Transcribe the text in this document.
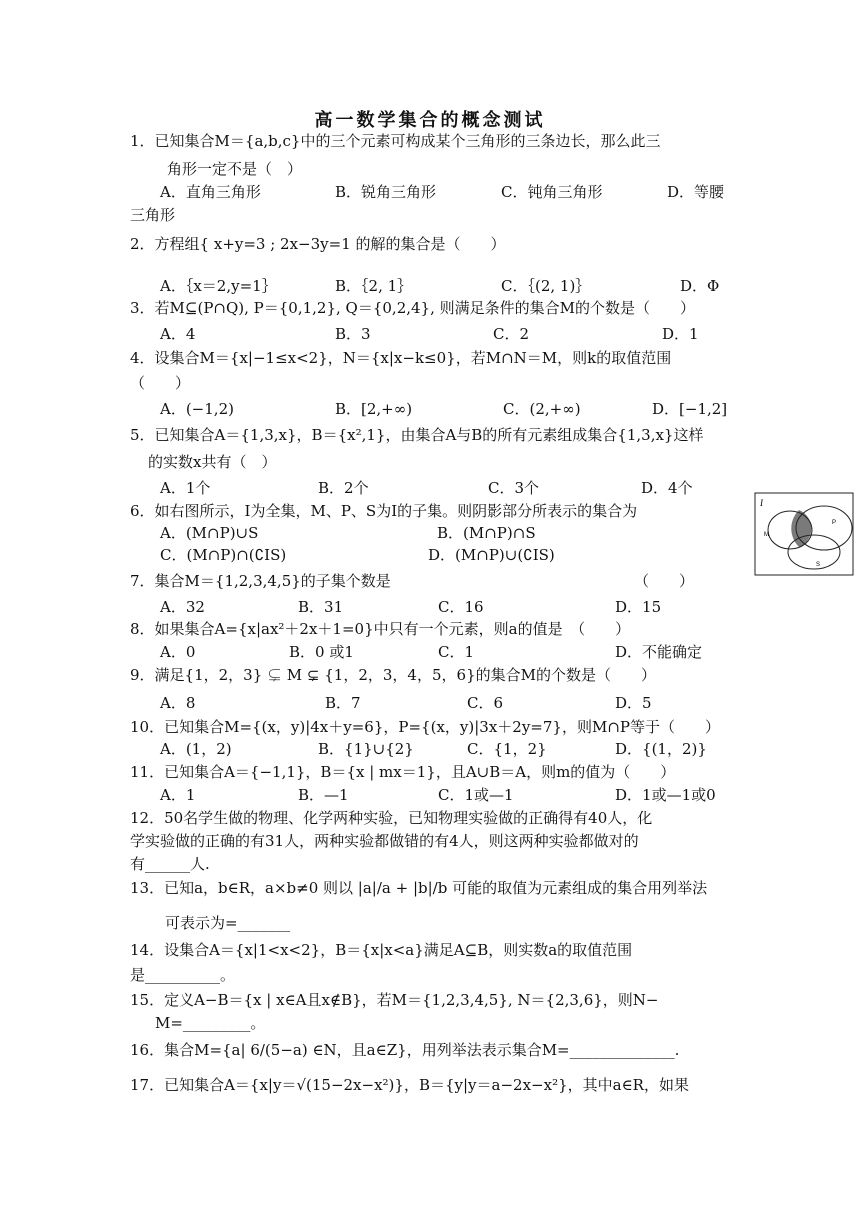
高一数学集合的概念测试
1．已知集合M＝{a,b,c}中的三个元素可构成某个三角形的三条边长，那么此三
角形一定不是（　）
A．直角三角形	B．锐角三角形	C．钝角三角形	D．等腰
三角形
2．方程组{ x+y=3 ; 2x−3y=1 的解的集合是（　　）
A．｛x＝2,y=1｝	B．｛2, 1｝	C．｛(2, 1)｝	D．Φ
3．若M⊆(P∩Q), P＝{0,1,2}, Q＝{0,2,4}, 则满足条件的集合M的个数是（　　）
A．4	B．3	C．2	D．1
4．设集合M＝{x|−1≤x<2}，N＝{x|x−k≤0}，若M∩N＝M，则k的取值范围
（　　）
A．(−1,2)	B．[2,+∞)	C．(2,+∞)	D．[−1,2]
5．已知集合A＝{1,3,x}，B＝{x²,1}，由集合A与B的所有元素组成集合{1,3,x}这样
的实数x共有（　）
A．1个	B．2个	C．3个	D．4个
6．如右图所示，I为全集，M、P、S为I的子集。则阴影部分所表示的集合为
A．(M∩P)∪S	B．(M∩P)∩S
C．(M∩P)∩(∁IS)	D．(M∩P)∪(∁IS)
7．集合M＝{1,2,3,4,5}的子集个数是	（　　）
A．32	B．31	C．16	D．15
8．如果集合A={x|ax²＋2x＋1=0}中只有一个元素，则a的值是　（　　）
A．0	B．0 或1	C．1	D．不能确定
9．满足{1，2，3} ⊊ M ⊊ {1，2，3，4，5，6}的集合M的个数是（　　）
A．8	B．7	C．6	D．5
10．已知集合M={(x，y)|4x＋y=6}，P={(x，y)|3x＋2y=7}，则M∩P等于（　　）
A．(1，2)	B．{1}∪{2}	C．{1，2}	D．{(1，2)}
11．已知集合A＝{−1,1}，B＝{x | mx＝1}，且A∪B＝A，则m的值为（　　）
A．1	B．—1	C．1或—1	D．1或—1或0
12．50名学生做的物理、化学两种实验，已知物理实验做的正确得有40人，化
学实验做的正确的有31人，两种实验都做错的有4人，则这两种实验都做对的
有______人.
13．已知a，b∈R，a×b≠0 则以 |a|/a + |b|/b 可能的取值为元素组成的集合用列举法
可表示为=_______
14．设集合A＝{x|1<x<2}，B＝{x|x<a}满足A⊆B，则实数a的取值范围
是__________。
15．定义A−B＝{x | x∈A且x∉B}，若M＝{1,2,3,4,5}, N＝{2,3,6}，则N−
M=_________。
16．集合M={a| 6/(5−a) ∈N，且a∈Z}，用列举法表示集合M=______________.
17．已知集合A＝{x|y＝√(15−2x−x²)}，B＝{y|y＝a−2x−x²}，其中a∈R，如果
I
M
P
S
